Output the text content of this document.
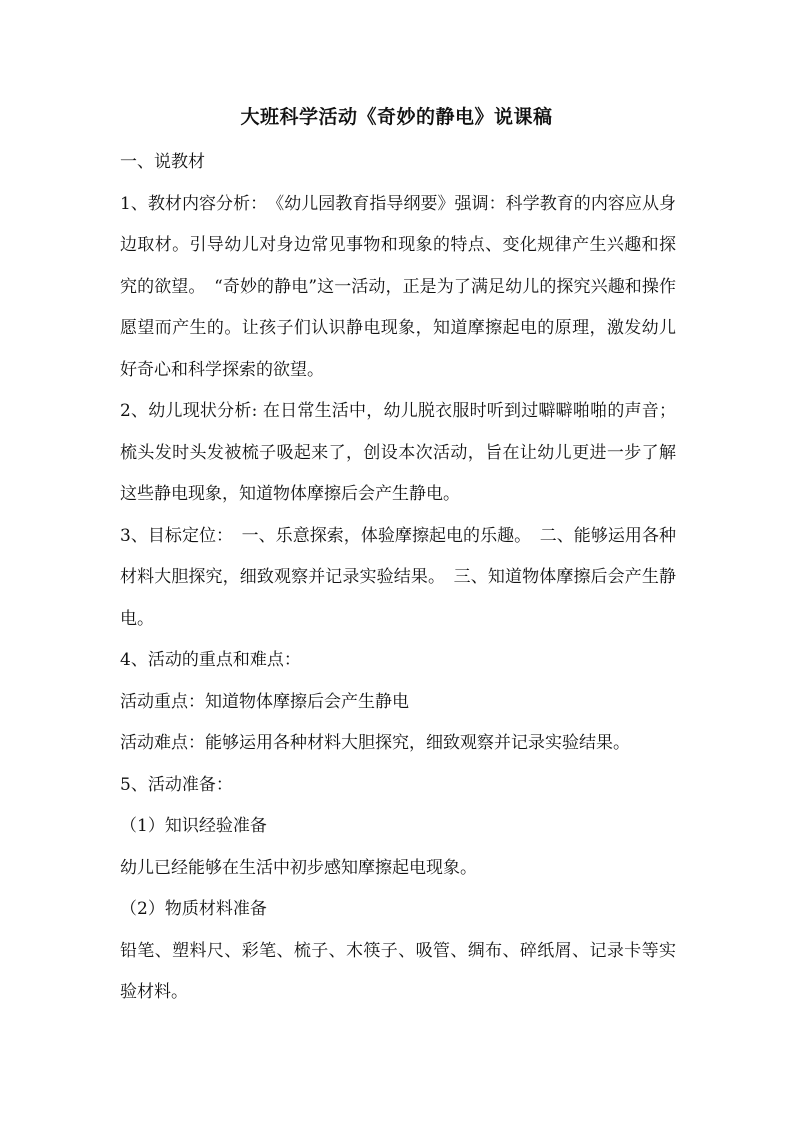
大班科学活动《奇妙的静电》说课稿

一、说教材

1、教材内容分析：　《幼儿园教育指导纲要》强调：科学教育的内容应从身边取材。引导幼儿对身边常见事物和现象的特点、变化规律产生兴趣和探究的欲望。　“奇妙的静电”这一活动，正是为了满足幼儿的探究兴趣和操作愿望而产生的。让孩子们认识静电现象，知道摩擦起电的原理，激发幼儿好奇心和科学探索的欲望。

2、幼儿现状分析: 在日常生活中，幼儿脱衣服时听到过噼噼啪啪的声音；梳头发时头发被梳子吸起来了，创设本次活动，旨在让幼儿更进一步了解这些静电现象，知道物体摩擦后会产生静电。

3、目标定位：　一、乐意探索，体验摩擦起电的乐趣。　二、能够运用各种材料大胆探究，细致观察并记录实验结果。　三、知道物体摩擦后会产生静电。

4、活动的重点和难点：

活动重点：知道物体摩擦后会产生静电

活动难点：能够运用各种材料大胆探究，细致观察并记录实验结果。

5、活动准备：

（1）知识经验准备

幼儿已经能够在生活中初步感知摩擦起电现象。

（2）物质材料准备

铅笔、塑料尺、彩笔、梳子、木筷子、吸管、绸布、碎纸屑、记录卡等实验材料。
